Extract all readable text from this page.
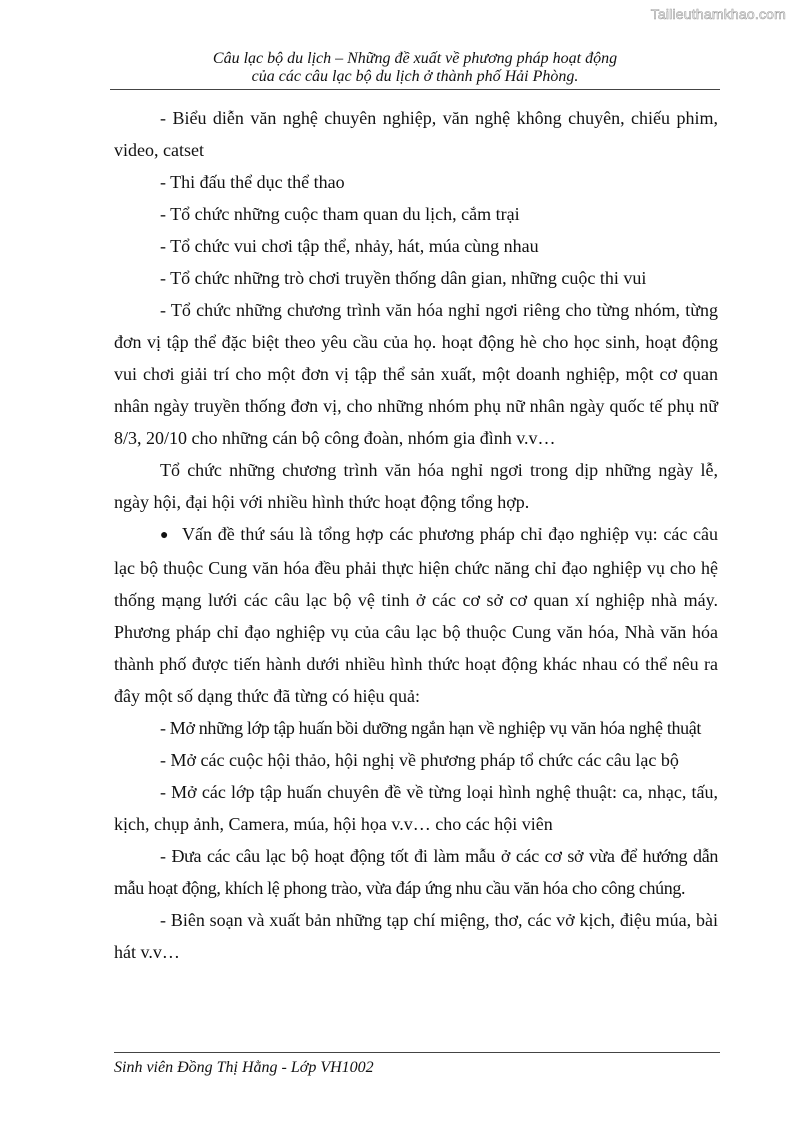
Tailieuthamkhao.com
Câu lạc bộ du lịch – Những đề xuất về phương pháp hoạt động
của các câu lạc bộ du lịch ở thành phố Hải Phòng.

- Biểu diễn văn nghệ chuyên nghiệp, văn nghệ không chuyên, chiếu phim, video, catset

- Thi đấu thể dục thể thao

- Tổ chức những cuộc tham quan du lịch, cắm trại

- Tổ chức vui chơi tập thể, nhảy, hát, múa cùng nhau

- Tổ chức những trò chơi truyền thống dân gian, những cuộc thi vui

- Tổ chức những chương trình văn hóa nghỉ ngơi riêng cho từng nhóm, từng đơn vị tập thể đặc biệt theo yêu cầu của họ. hoạt động hè cho học sinh, hoạt động vui chơi giải trí cho một đơn vị tập thể sản xuất, một doanh nghiệp, một cơ quan nhân ngày truyền thống đơn vị, cho những nhóm phụ nữ nhân ngày quốc tế phụ nữ 8/3, 20/10 cho những cán bộ công đoàn, nhóm gia đình v.v…

Tổ chức những chương trình văn hóa nghỉ ngơi trong dịp những ngày lễ, ngày hội, đại hội với nhiều hình thức hoạt động tổng hợp.

● Vấn đề thứ sáu là tổng hợp các phương pháp chỉ đạo nghiệp vụ: các câu lạc bộ thuộc Cung văn hóa đều phải thực hiện chức năng chỉ đạo nghiệp vụ cho hệ thống mạng lưới các câu lạc bộ vệ tinh ở các cơ sở cơ quan xí nghiệp nhà máy. Phương pháp chỉ đạo nghiệp vụ của câu lạc bộ thuộc Cung văn hóa, Nhà văn hóa thành phố được tiến hành dưới nhiều hình thức hoạt động khác nhau có thể nêu ra đây một số dạng thức đã từng có hiệu quả:

- Mở những lớp tập huấn bồi dưỡng ngắn hạn về nghiệp vụ văn hóa nghệ thuật

- Mở các cuộc hội thảo, hội nghị về phương pháp tổ chức các câu lạc bộ

- Mở các lớp tập huấn chuyên đề về từng loại hình nghệ thuật: ca, nhạc, tấu, kịch, chụp ảnh, Camera, múa, hội họa v.v… cho các hội viên

- Đưa các câu lạc bộ hoạt động tốt đi làm mẫu ở các cơ sở vừa để hướng dẫn mẫu hoạt động, khích lệ phong trào, vừa đáp ứng nhu cầu văn hóa cho công chúng.

- Biên soạn và xuất bản những tạp chí miệng, thơ, các vở kịch, điệu múa, bài hát v.v…

Sinh viên Đồng Thị Hằng - Lớp VH1002
